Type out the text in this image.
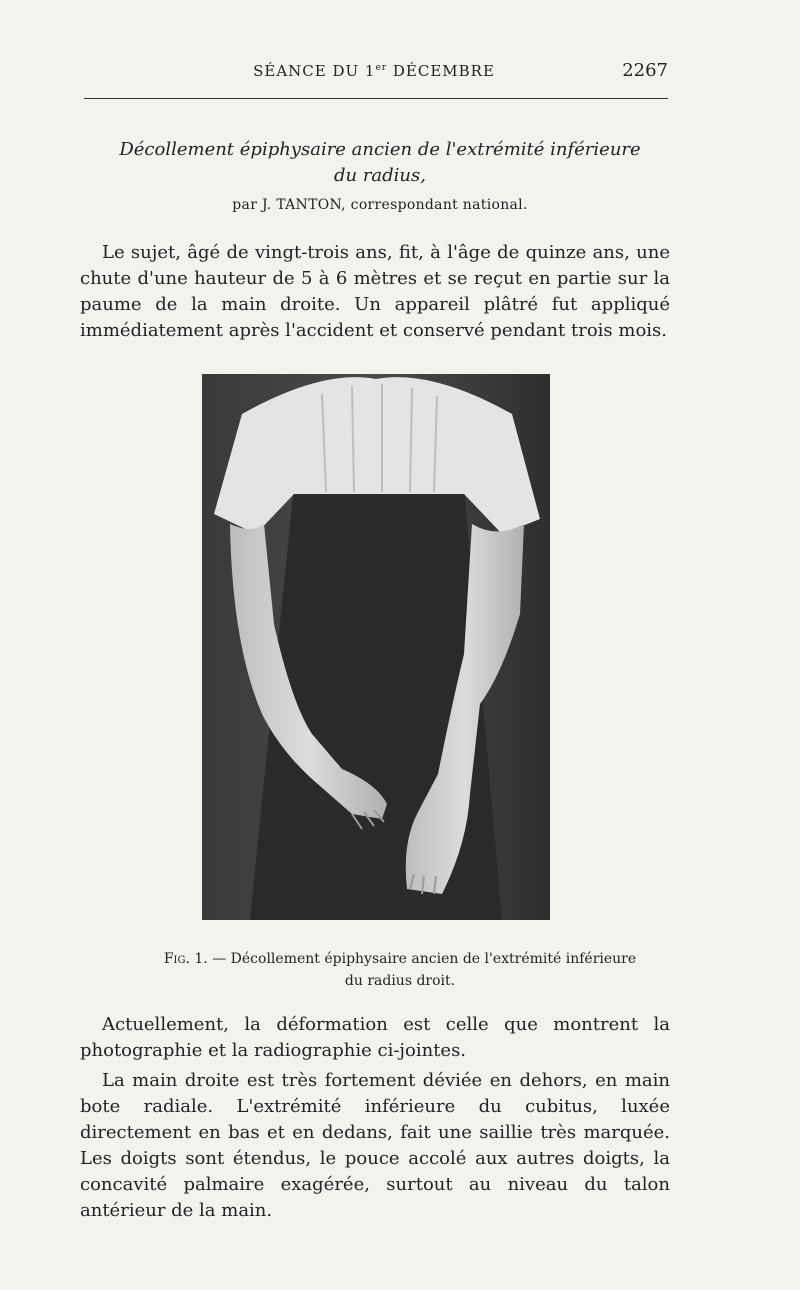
SÉANCE DU 1er DÉCEMBRE	2267
Décollement épiphysaire ancien de l'extrémité inférieure
du radius,
par J. TANTON, correspondant national.

Le sujet, âgé de vingt-trois ans, fit, à l'âge de quinze ans, une chute d'une hauteur de 5 à 6 mètres et se reçut en partie sur la paume de la main droite. Un appareil plâtré fut appliqué immédiatement après l'accident et conservé pendant trois mois.

Fig. 1. — Décollement épiphysaire ancien de l'extrémité inférieure
du radius droit.

Actuellement, la déformation est celle que montrent la photographie et la radiographie ci-jointes.

La main droite est très fortement déviée en dehors, en main bote radiale. L'extrémité inférieure du cubitus, luxée directement en bas et en dedans, fait une saillie très marquée. Les doigts sont étendus, le pouce accolé aux autres doigts, la concavité palmaire exagérée, surtout au niveau du talon antérieur de la main.
